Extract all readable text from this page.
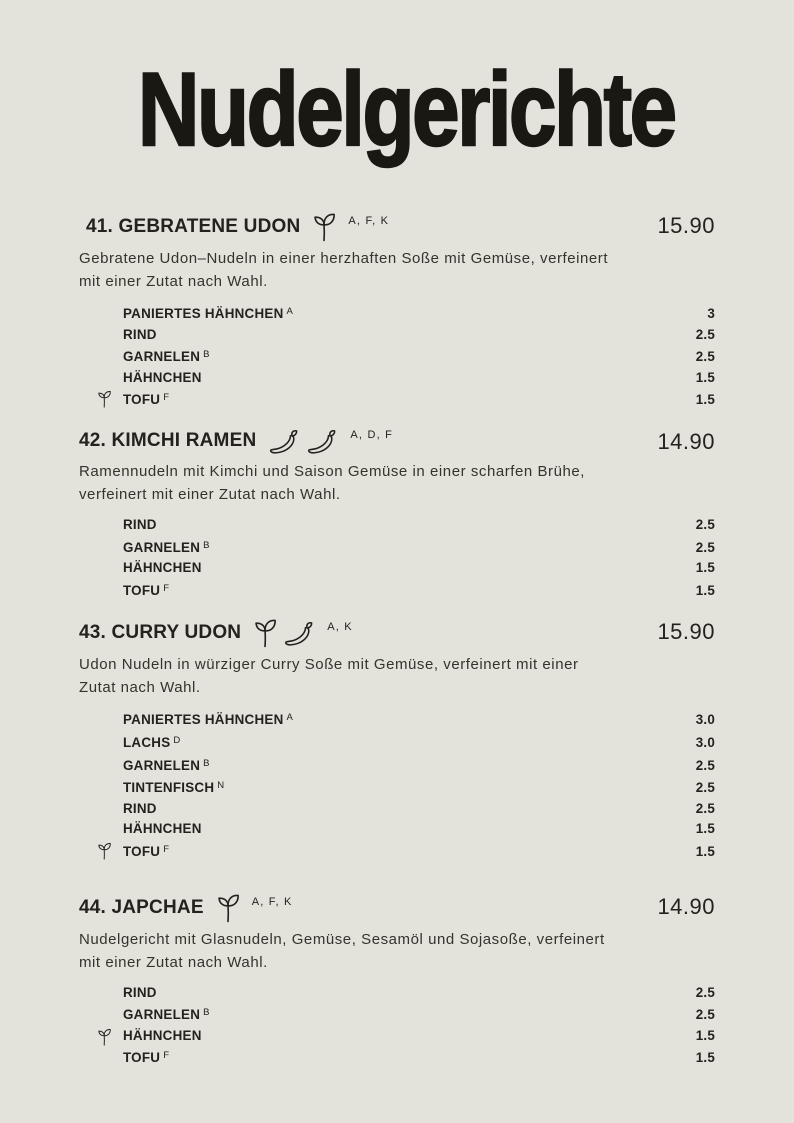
Nudelgerichte
41. GEBRATENE UDON	A, F, K	15.90

Gebratene Udon–Nudeln in einer herzhaften Soße mit Gemüse, verfeinert
mit einer Zutat nach Wahl.

PANIERTES HÄHNCHEN $^A$	3
RIND	2.5
GARNELEN $^B$	2.5
HÄHNCHEN	1.5
TOFU $^F$	1.5
42. KIMCHI RAMEN	A, D, F	14.90

Ramennudeln mit Kimchi und Saison Gemüse in einer scharfen Brühe,
verfeinert mit einer Zutat nach Wahl.

RIND	2.5
GARNELEN $^B$	2.5
HÄHNCHEN	1.5
TOFU $^F$	1.5
43. CURRY UDON	A, K	15.90

Udon Nudeln in würziger Curry Soße mit Gemüse, verfeinert mit einer
Zutat nach Wahl.

PANIERTES HÄHNCHEN $^A$	3.0
LACHS $^D$	3.0
GARNELEN $^B$	2.5
TINTENFISCH $^N$	2.5
RIND	2.5
HÄHNCHEN	1.5
TOFU $^F$	1.5
44. JAPCHAE	A, F, K	14.90

Nudelgericht mit Glasnudeln, Gemüse, Sesamöl und Sojasoße, verfeinert
mit einer Zutat nach Wahl.

RIND	2.5
GARNELEN $^B$	2.5
HÄHNCHEN	1.5
TOFU $^F$	1.5
